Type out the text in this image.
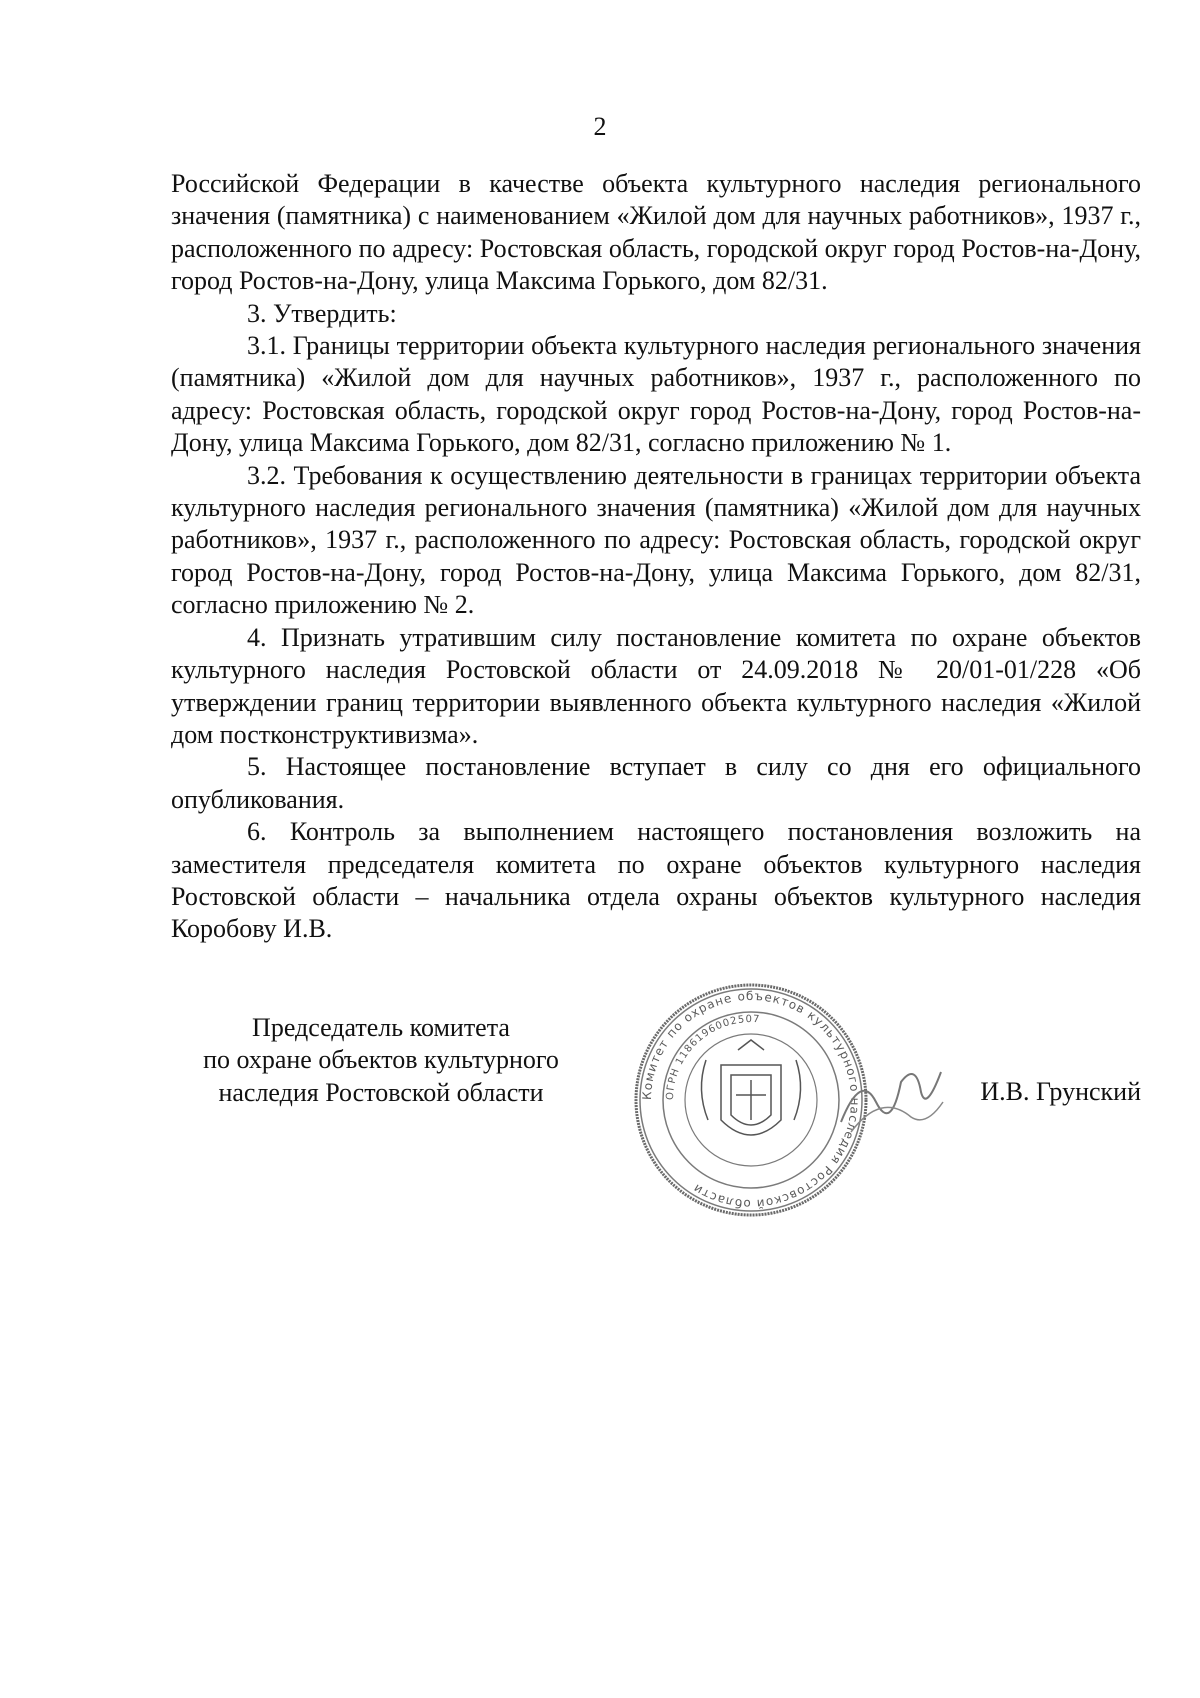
2

Российской Федерации в качестве объекта культурного наследия регионального значения (памятника) с наименованием «Жилой дом для научных работников», 1937 г., расположенного по адресу: Ростовская область, городской округ город Ростов-на-Дону, город Ростов-на-Дону, улица Максима Горького, дом 82/31.

3. Утвердить:

3.1. Границы территории объекта культурного наследия регионального значения (памятника) «Жилой дом для научных работников», 1937 г., расположенного по адресу: Ростовская область, городской округ город Ростов-на-Дону, город Ростов-на-Дону, улица Максима Горького, дом 82/31, согласно приложению № 1.

3.2. Требования к осуществлению деятельности в границах территории объекта культурного наследия регионального значения (памятника) «Жилой дом для научных работников», 1937 г., расположенного по адресу: Ростовская область, городской округ город Ростов-на-Дону, город Ростов-на-Дону, улица Максима Горького, дом 82/31, согласно приложению № 2.

4. Признать утратившим силу постановление комитета по охране объектов культурного наследия Ростовской области от 24.09.2018 № 20/01-01/228 «Об утверждении границ территории выявленного объекта культурного наследия «Жилой дом постконструктивизма».

5. Настоящее постановление вступает в силу со дня его официального опубликования.

6. Контроль за выполнением настоящего постановления возложить на заместителя председателя комитета по охране объектов культурного наследия Ростовской области – начальника отдела охраны объектов культурного наследия Коробову И.В.

Председатель комитета
по охране объектов культурного
наследия Ростовской области	Комитет по охране объектов культурного наследия Ростовской области
ОГРН 1186196002507
И.В. Грунский
